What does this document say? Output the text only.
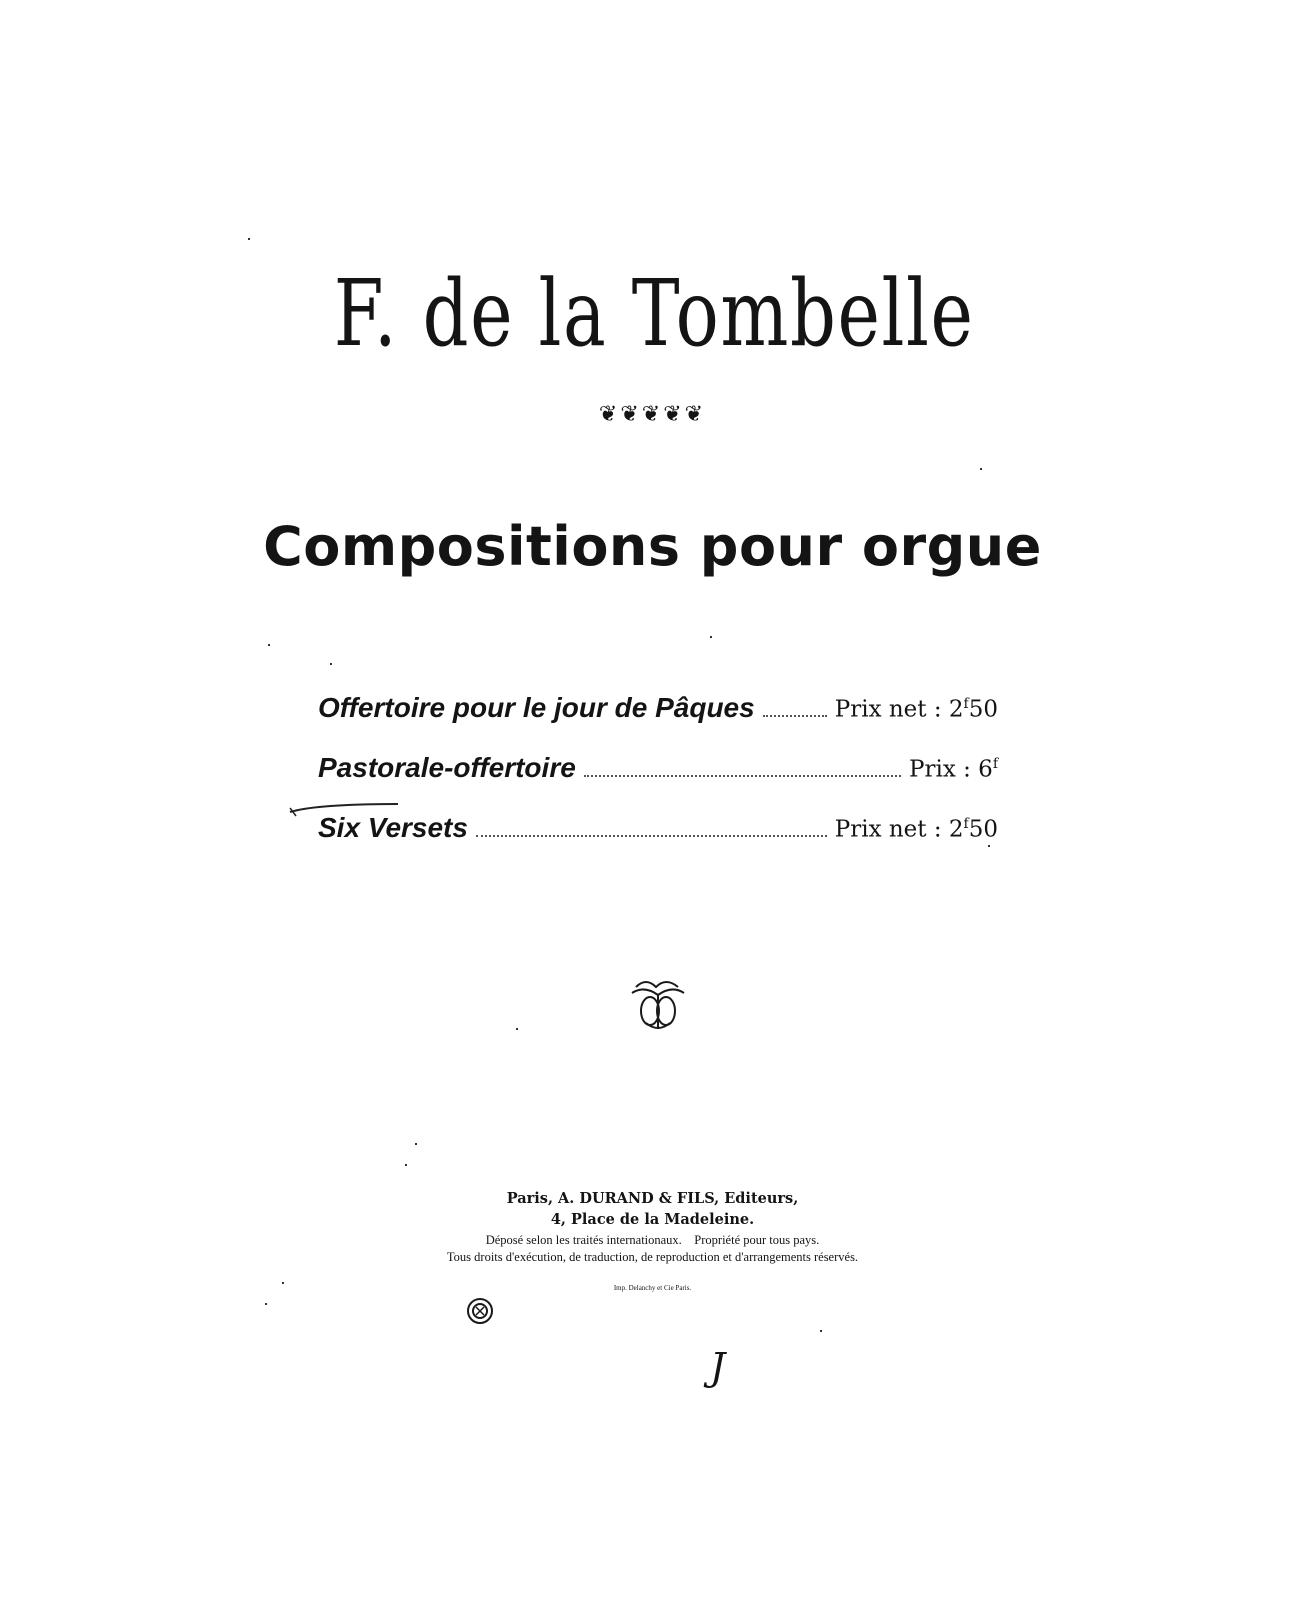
F. de la Tombelle
❦❦❦❦❦
Compositions pour orgue
Offertoire pour le jour de Pâques	Prix net : 2$^f$50
Pastorale-offertoire	Prix : 6$^f$
Six Versets	Prix net : 2$^f$50
Paris, A. DURAND & FILS, Editeurs,
4, Place de la Madeleine.
Déposé selon les traités internationaux.    Propriété pour tous pays.
Tous droits d'exécution, de traduction, de reproduction et d'arrangements réservés.
Imp. Delanchy et Cie Paris.
J
